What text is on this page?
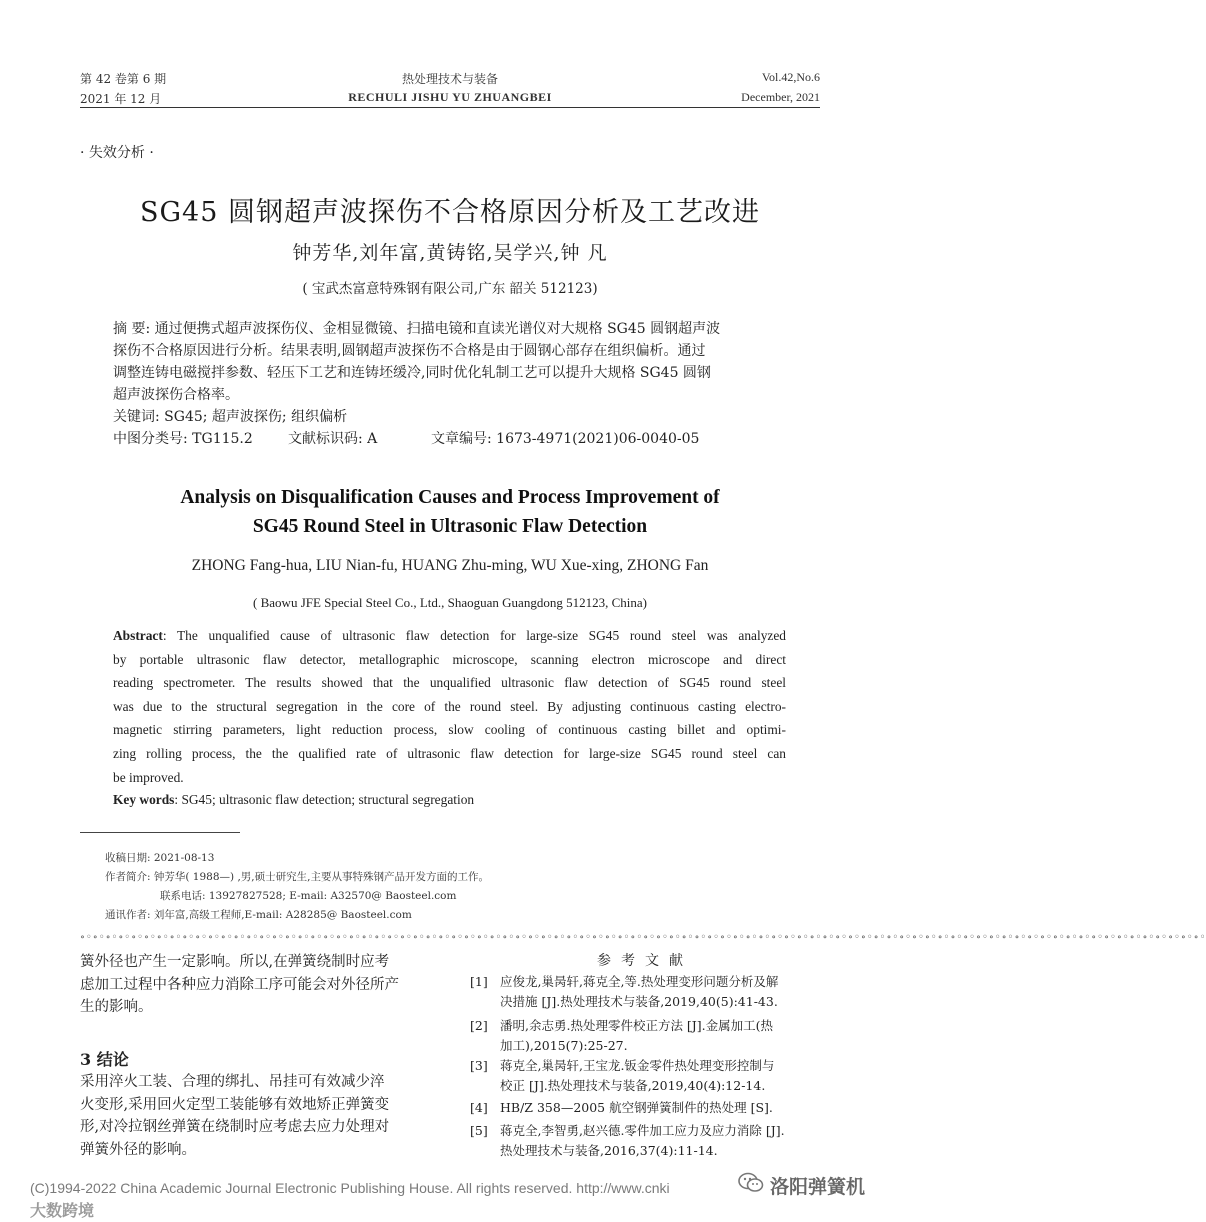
第 42 卷第 6 期
2021 年 12 月
热处理技术与装备
RECHULI JISHU YU ZHUANGBEI
Vol.42,No.6
December, 2021
· 失效分析 ·
SG45 圆钢超声波探伤不合格原因分析及工艺改进
钟芳华,刘年富,黄铸铭,吴学兴,钟 凡
( 宝武杰富意特殊钢有限公司,广东 韶关 512123)
摘 要: 通过便携式超声波探伤仪、金相显微镜、扫描电镜和直读光谱仪对大规格 SG45 圆钢超声波
探伤不合格原因进行分析。结果表明,圆钢超声波探伤不合格是由于圆钢心部存在组织偏析。通过
调整连铸电磁搅拌参数、轻压下工艺和连铸坯缓冷,同时优化轧制工艺可以提升大规格 SG45 圆钢
超声波探伤合格率。
关键词: SG45; 超声波探伤; 组织偏析
中图分类号: TG115.2	文献标识码: A	文章编号: 1673-4971(2021)06-0040-05
Analysis on Disqualification Causes and Process Improvement of
SG45 Round Steel in Ultrasonic Flaw Detection
ZHONG Fang-hua, LIU Nian-fu, HUANG Zhu-ming, WU Xue-xing, ZHONG Fan
( Baowu JFE Special Steel Co., Ltd., Shaoguan Guangdong 512123, China)
Abstract: The unqualified cause of ultrasonic flaw detection for large-size SG45 round steel was analyzed
by portable ultrasonic flaw detector, metallographic microscope, scanning electron microscope and direct
reading spectrometer. The results showed that the unqualified ultrasonic flaw detection of SG45 round steel
was due to the structural segregation in the core of the round steel. By adjusting continuous casting electro-
magnetic stirring parameters, light reduction process, slow cooling of continuous casting billet and optimi-
zing rolling process, the the qualified rate of ultrasonic flaw detection for large-size SG45 round steel can
be improved.
Key words: SG45; ultrasonic flaw detection; structural segregation
收稿日期: 2021-08-13
作者简介: 钟芳华( 1988—) ,男,硕士研究生,主要从事特殊钢产品开发方面的工作。
联系电话: 13927827528; E-mail: A32570@ Baosteel.com
通讯作者: 刘年富,高级工程师,E-mail: A28285@ Baosteel.com
∘◦∘◦∘◦∘◦∘◦∘◦∘◦∘◦∘◦∘◦∘◦∘◦∘◦∘◦∘◦∘◦∘◦∘◦∘◦∘◦∘◦∘◦∘◦∘◦∘◦∘◦∘◦∘◦∘◦∘◦∘◦∘◦∘◦∘◦∘◦∘◦∘◦∘◦∘◦∘◦∘◦∘◦∘◦∘◦∘◦∘◦∘◦∘◦∘◦∘◦∘◦∘◦∘◦∘◦∘◦∘◦∘◦∘◦∘◦∘◦∘◦∘◦∘◦∘◦∘◦∘◦∘◦∘◦∘◦∘◦∘◦∘◦∘◦∘◦∘◦∘◦∘◦∘◦∘◦∘◦∘◦∘◦∘◦∘◦∘◦∘◦∘◦∘◦
簧外径也产生一定影响。所以,在弹簧绕制时应考
虑加工过程中各种应力消除工序可能会对外径所产
生的影响。
3 结论
采用淬火工装、合理的绑扎、吊挂可有效减少淬
火变形,采用回火定型工装能够有效地矫正弹簧变
形,对冷拉钢丝弹簧在绕制时应考虑去应力处理对
弹簧外径的影响。
参考文献
[1] 应俊龙,巢昺轩,蒋克全,等.热处理变形问题分析及解
决措施 [J].热处理技术与装备,2019,40(5):41-43.
[2] 潘明,余志勇.热处理零件校正方法 [J].金属加工(热
加工),2015(7):25-27.
[3] 蒋克全,巢昺轩,王宝龙.钣金零件热处理变形控制与
校正 [J].热处理技术与装备,2019,40(4):12-14.
[4] HB/Z 358—2005 航空钢弹簧制件的热处理 [S].
[5] 蒋克全,李智勇,赵兴德.零件加工应力及应力消除 [J].
热处理技术与装备,2016,37(4):11-14.
(C)1994-2022 China Academic Journal Electronic Publishing House. All rights reserved. http://www.cnki	洛阳弹簧机
大数跨境
